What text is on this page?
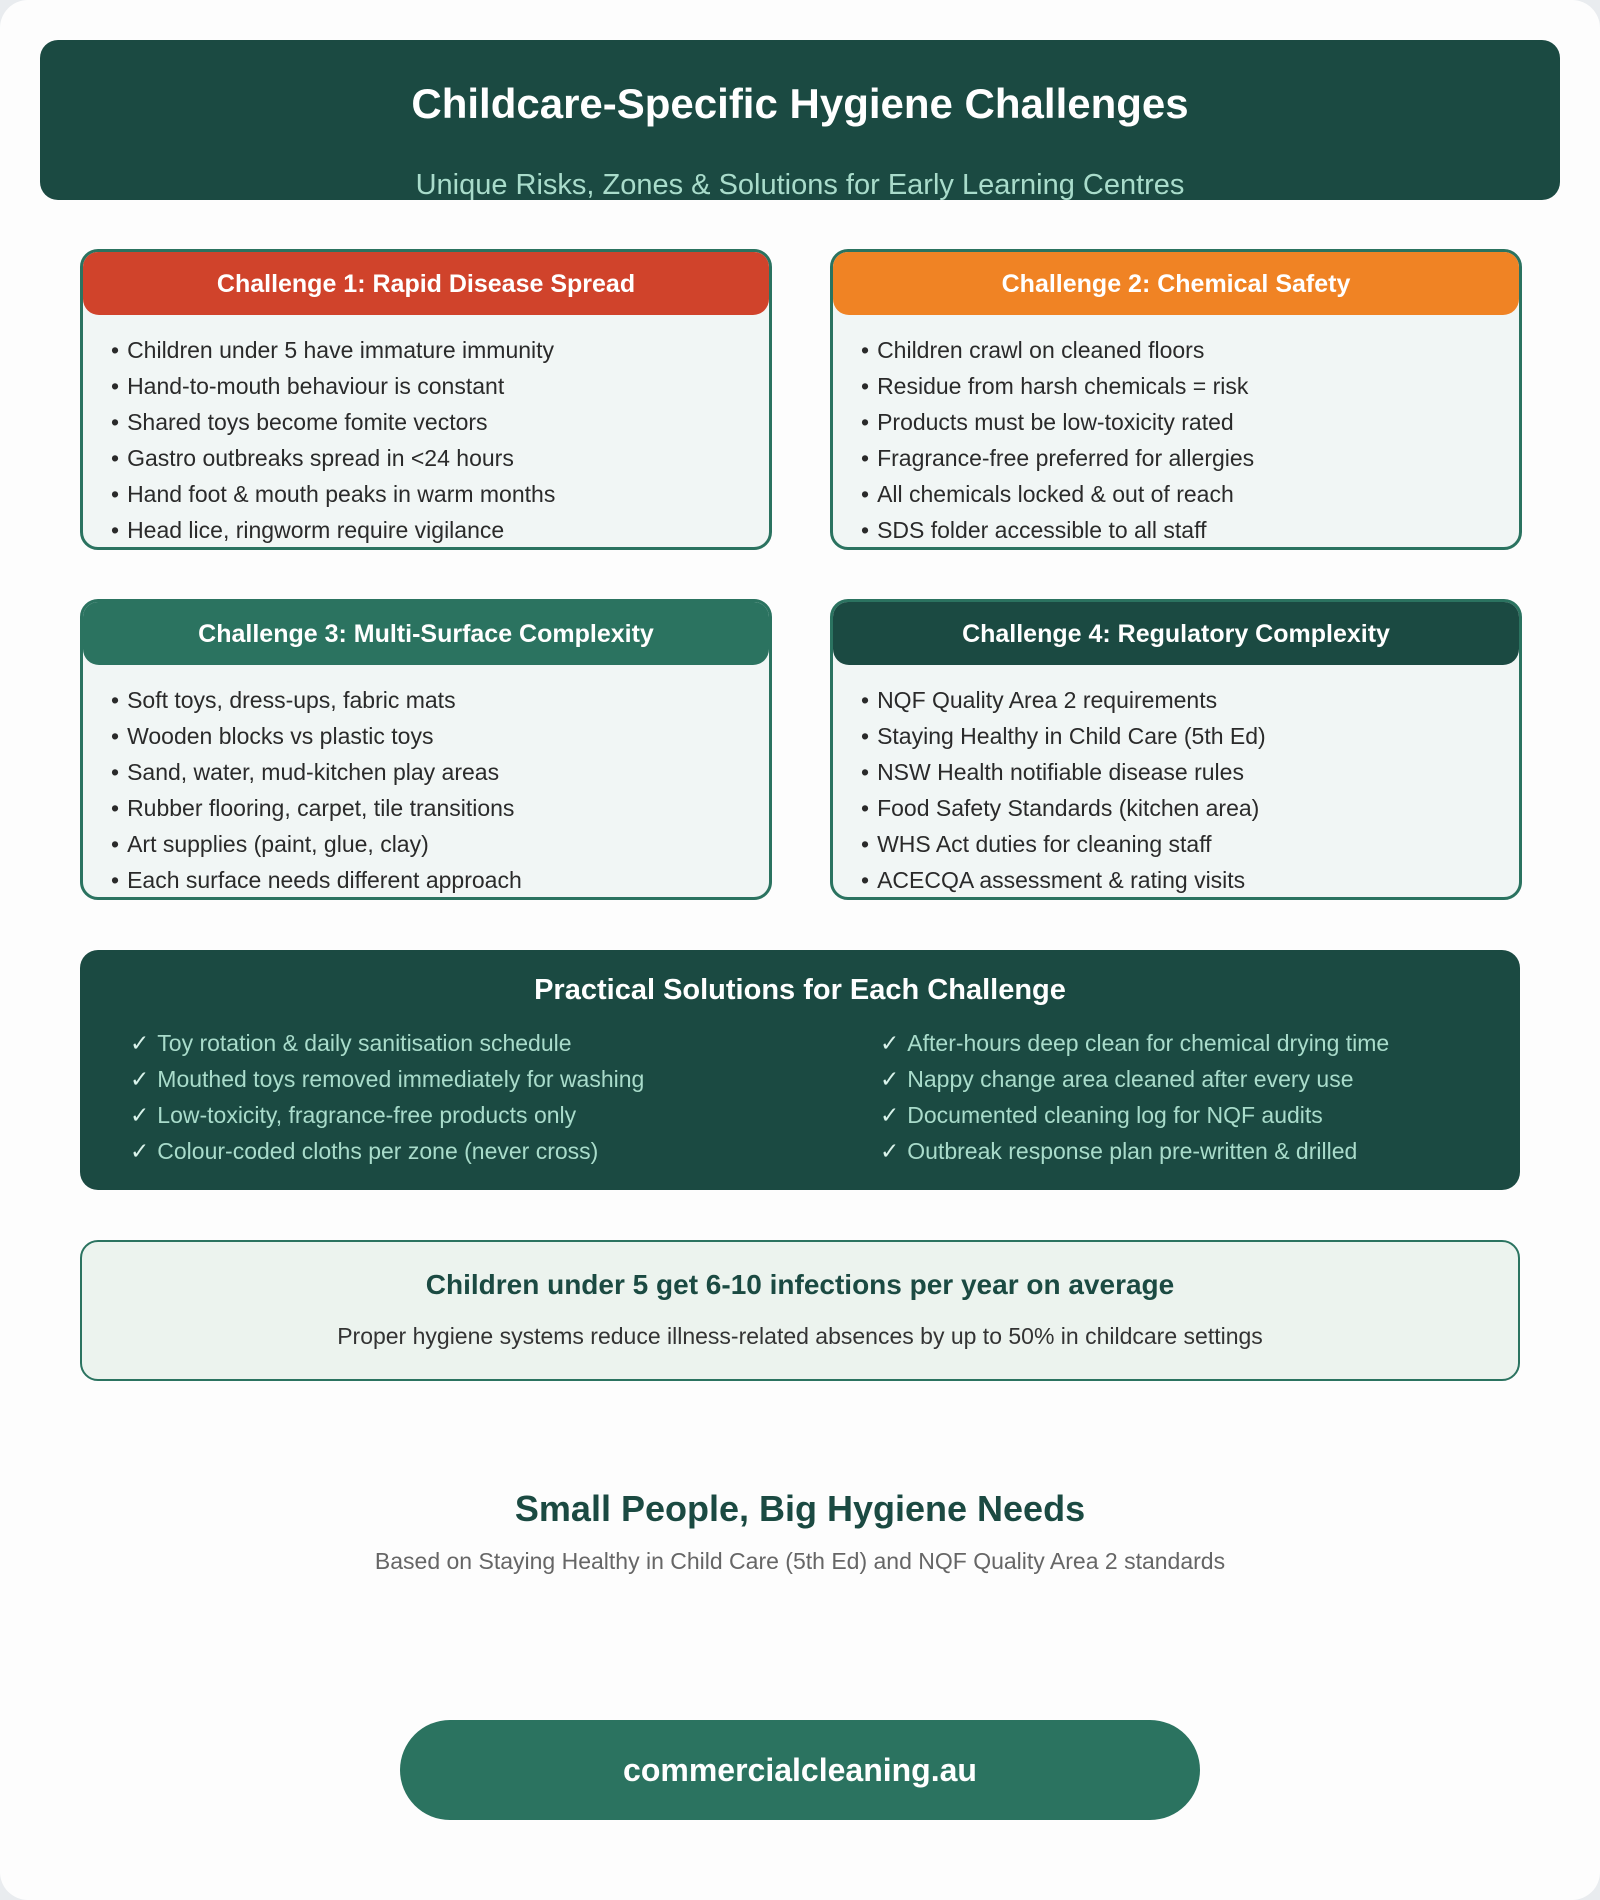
Childcare-Specific Hygiene Challenges
Unique Risks, Zones & Solutions for Early Learning Centres
Challenge 1: Rapid Disease Spread
• Children under 5 have immature immunity
• Hand-to-mouth behaviour is constant
• Shared toys become fomite vectors
• Gastro outbreaks spread in <24 hours
• Hand foot & mouth peaks in warm months
• Head lice, ringworm require vigilance
Challenge 2: Chemical Safety
• Children crawl on cleaned floors
• Residue from harsh chemicals = risk
• Products must be low-toxicity rated
• Fragrance-free preferred for allergies
• All chemicals locked & out of reach
• SDS folder accessible to all staff
Challenge 3: Multi-Surface Complexity
• Soft toys, dress-ups, fabric mats
• Wooden blocks vs plastic toys
• Sand, water, mud-kitchen play areas
• Rubber flooring, carpet, tile transitions
• Art supplies (paint, glue, clay)
• Each surface needs different approach
Challenge 4: Regulatory Complexity
• NQF Quality Area 2 requirements
• Staying Healthy in Child Care (5th Ed)
• NSW Health notifiable disease rules
• Food Safety Standards (kitchen area)
• WHS Act duties for cleaning staff
• ACECQA assessment & rating visits
Practical Solutions for Each Challenge
✓ Toy rotation & daily sanitisation schedule
✓ Mouthed toys removed immediately for washing
✓ Low-toxicity, fragrance-free products only
✓ Colour-coded cloths per zone (never cross)
✓ After-hours deep clean for chemical drying time
✓ Nappy change area cleaned after every use
✓ Documented cleaning log for NQF audits
✓ Outbreak response plan pre-written & drilled
Children under 5 get 6-10 infections per year on average
Proper hygiene systems reduce illness-related absences by up to 50% in childcare settings
Small People, Big Hygiene Needs
Based on Staying Healthy in Child Care (5th Ed) and NQF Quality Area 2 standards
commercialcleaning.au
